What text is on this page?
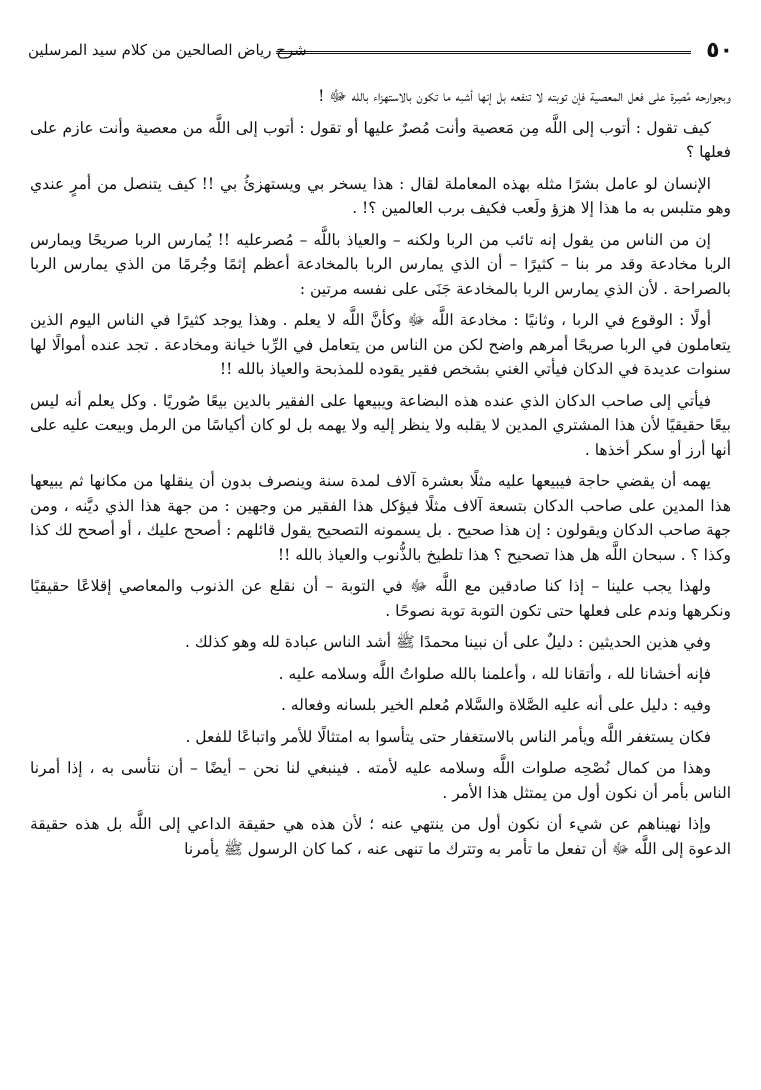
٥٠
شرح رياض الصالحين من كلام سيد المرسلين

وبجوارحه مُصِرة على فعل المعصية فإن توبته لا تنفعه بل إنها أشبه ما تكون بالاستهزاء بالله ﷻ !

كيف تقول : أتوب إلى اللَّه مِن مَعصية وأنت مُصرٌ عليها أو تقول : أتوب إلى اللَّه من معصية وأنت عازم على فعلها ؟

الإنسان لو عامل بشرًا مثله بهذه المعاملة لقال : هذا يسخر بي ويستهزئُ بي !! كيف يتنصل من أمرٍ عندي وهو متلبس به ما هذا إلا هزؤ ولَعب فكيف برب العالمين ؟! .

إن من الناس من يقول إنه تائب من الربا ولكنه – والعياذ باللَّه – مُصرعليه !! يُمارس الربا صريحًا ويمارس الربا مخادعة وقد مر بنا – كثيرًا – أن الذي يمارس الربا بالمخادعة أعظم إثمًا وجُرمًا من الذي يمارس الربا بالصراحة . لأن الذي يمارس الربا بالمخادعة جَنَى على نفسه مرتين :

أولًا : الوقوع في الربا ، وثانيًا : مخادعة اللَّه ﷻ وكأنَّ اللَّه لا يعلم . وهذا يوجد كثيرًا في الناس اليوم الذين يتعاملون في الربا صريحًا أمرهم واضح لكن من الناس من يتعامل في الرِّبا خيانة ومخادعة . تجد عنده أموالًا لها سنوات عديدة في الدكان فيأتي الغني بشخص فقير يقوده للمذبحة والعياذ بالله !!

فيأتي إلى صاحب الدكان الذي عنده هذه البضاعة ويبيعها على الفقير بالدين بيعًا صُوريًا . وكل يعلم أنه ليس بيعًا حقيقيًا لأن هذا المشتري المدين لا يقلبه ولا ينظر إليه ولا يهمه بل لو كان أكياسًا من الرمل وبيعت عليه على أنها أرز أو سكر أخذها .

يهمه أن يقضي حاجة فيبيعها عليه مثلًا بعشرة آلاف لمدة سنة وينصرف بدون أن ينقلها من مكانها ثم يبيعها هذا المدين على صاحب الدكان بتسعة آلاف مثلًا فيؤكل هذا الفقير من وجهين : من جهة هذا الذي ديَّنه ، ومن جهة صاحب الدكان ويقولون : إن هذا صحيح . بل يسمونه التصحيح يقول قائلهم : أصحح عليك ، أو أصحح لك كذا وكذا ؟ . سبحان اللَّه هل هذا تصحيح ؟ هذا تلطيخ بالذُّنوب والعياذ بالله !!

ولهذا يجب علينا – إذا كنا صادقين مع اللَّه ﷻ في التوبة – أن نقلع عن الذنوب والمعاصي إقلاعًا حقيقيًا ونكرهها وندم على فعلها حتى تكون التوبة توبة نصوحًا .

وفي هذين الحديثين : دليلٌ على أن نبينا محمدًا ﷺ أشد الناس عبادة لله وهو كذلك .

فإنه أخشانا لله ، وأتقانا لله ، وأعلمنا بالله صلواتُ اللَّه وسلامه عليه .

وفيه : دليل على أنه عليه الصَّلاة والسَّلام مُعلم الخير بلسانه وفعاله .

فكان يستغفر اللَّه ويأمر الناس بالاستغفار حتى يتأسوا به امتثالًا للأمر واتباعًا للفعل .

وهذا من كمال نُصْحِه صلوات اللَّه وسلامه عليه لأمته . فينبغي لنا نحن – أيضًا – أن نتأسى به ، إذا أمرنا الناس بأمر أن نكون أول من يمتثل هذا الأمر .

وإذا نهيناهم عن شيء أن نكون أول من ينتهي عنه ؛ لأن هذه هي حقيقة الداعي إلى اللَّه بل هذه حقيقة الدعوة إلى اللَّه ﷻ أن تفعل ما تأمر به وتترك ما تنهى عنه ، كما كان الرسول ﷺ يأمرنا
